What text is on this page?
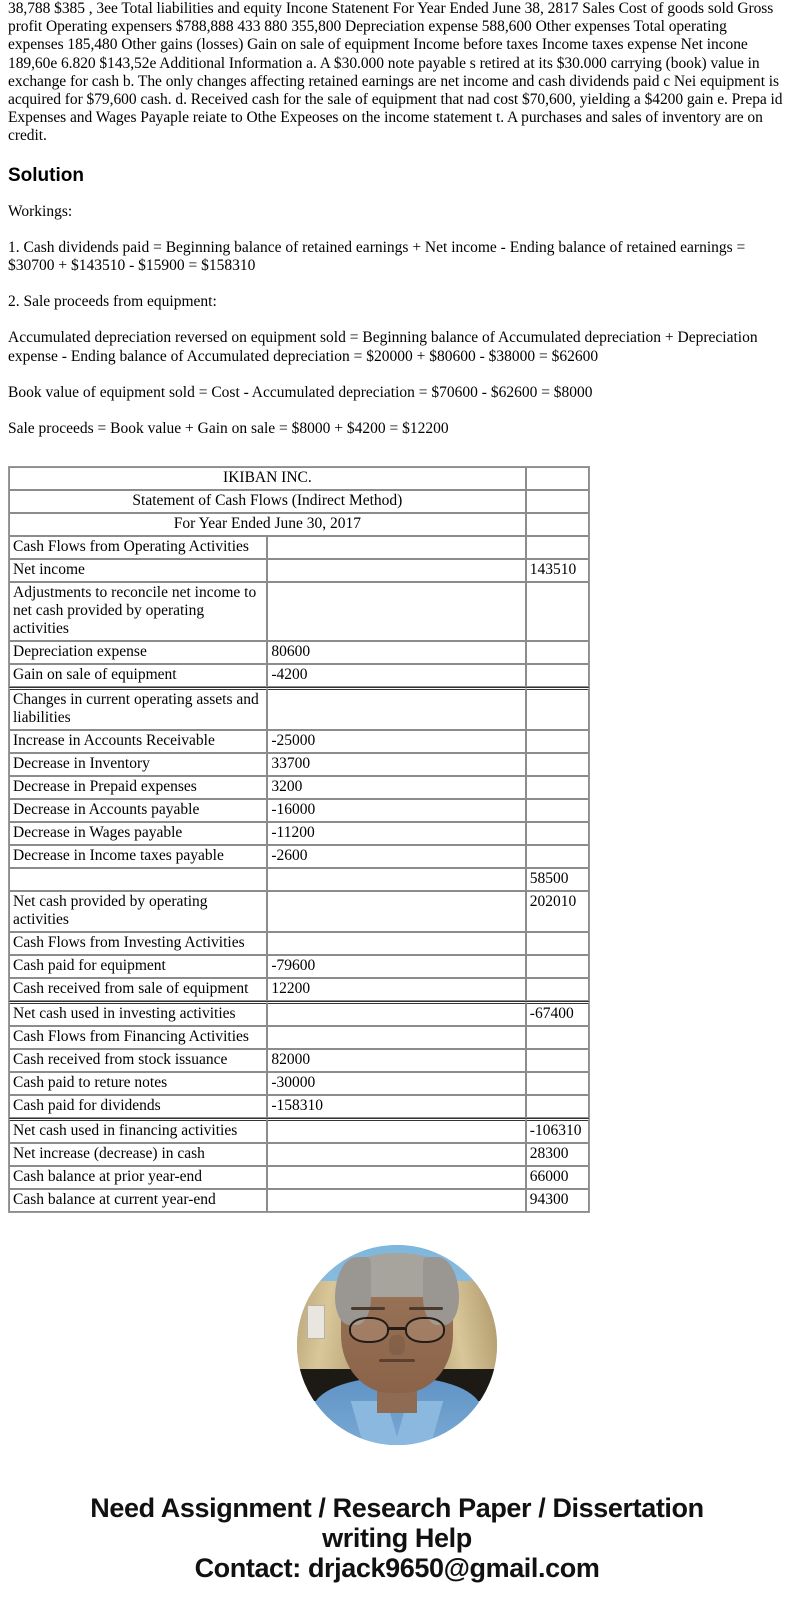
38,788 $385 , 3ee Total liabilities and equity Incone Statenent For Year Ended June 38, 2817 Sales Cost of goods sold Gross profit Operating expensers $788,888 433 880 355,800 Depreciation expense 588,600 Other expenses Total operating expenses 185,480 Other gains (losses) Gain on sale of equipment Income before taxes Income taxes expense Net incone 189,60e 6.820 $143,52e Additional Information a. A $30.000 note payable s retired at its $30.000 carrying (book) value in exchange for cash b. The only changes affecting retained earnings are net income and cash dividends paid c Nei equipment is acquired for $79,600 cash. d. Received cash for the sale of equipment that nad cost $70,600, yielding a $4200 gain e. Prepa id Expenses and Wages Payaple reiate to Othe Expeoses on the income statement t. A purchases and sales of inventory are on credit.

Solution

Workings:

1. Cash dividends paid = Beginning balance of retained earnings + Net income - Ending balance of retained earnings = $30700 + $143510 - $15900 = $158310

2. Sale proceeds from equipment:

Accumulated depreciation reversed on equipment sold = Beginning balance of Accumulated depreciation + Depreciation expense - Ending balance of Accumulated depreciation = $20000 + $80600 - $38000 = $62600

Book value of equipment sold = Cost - Accumulated depreciation = $70600 - $62600 = $8000

Sale proceeds = Book value + Gain on sale = $8000 + $4200 = $12200

IKIBAN INC.		
Statement of Cash Flows (Indirect Method)		
For Year Ended June 30, 2017		
Cash Flows from Operating Activities		
Net income		143510
Adjustments to reconcile net income to net cash provided by operating activities		
Depreciation expense	80600	
Gain on sale of equipment	-4200	
Changes in current operating assets and liabilities		
Increase in Accounts Receivable	-25000	
Decrease in Inventory	33700	
Decrease in Prepaid expenses	3200	
Decrease in Accounts payable	-16000	
Decrease in Wages payable	-11200	
Decrease in Income taxes payable	-2600	
		58500
Net cash provided by operating activities		202010
Cash Flows from Investing Activities		
Cash paid for equipment	-79600	
Cash received from sale of equipment	12200	
Net cash used in investing activities		-67400
Cash Flows from Financing Activities		
Cash received from stock issuance	82000	
Cash paid to reture notes	-30000	
Cash paid for dividends	-158310	
Net cash used in financing activities		-106310
Net increase (decrease) in cash		28300
Cash balance at prior year-end		66000
Cash balance at current year-end		94300
Need Assignment / Research Paper / Dissertation
writing Help
Contact: drjack9650@gmail.com
